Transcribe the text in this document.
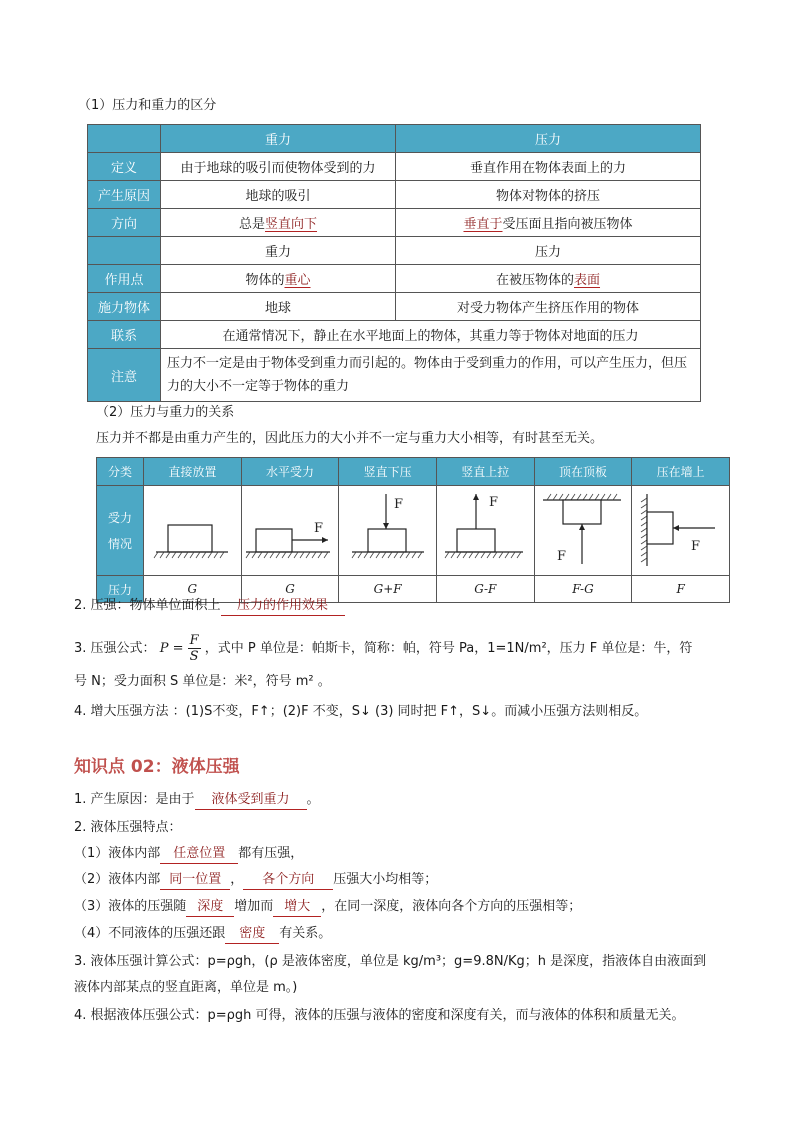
（1）压力和重力的区分
	重力	压力
定义	由于地球的吸引而使物体受到的力	垂直作用在物体表面上的力
产生原因	地球的吸引	物体对物体的挤压
方向	总是竖直向下	垂直于受压面且指向被压物体
	重力	压力
作用点	物体的重心	在被压物体的表面
施力物体	地球	对受力物体产生挤压作用的物体
联系	在通常情况下，静止在水平地面上的物体，其重力等于物体对地面的压力	
注意	压力不一定是由于物体受到重力而引起的。物体由于受到重力的作用，可以产生压力，但压力的大小不一定等于物体的重力	
（2）压力与重力的关系
压力并不都是由重力产生的，因此压力的大小并不一定与重力大小相等，有时甚至无关。
分类	直接放置	水平受力	竖直下压	竖直上拉	顶在顶板	压在墙上
受力
情况		F	F	F	F	F

压力	G	G	G+F	G-F	F-G	F
2. 压强：物体单位面积上 压力的作用效果
3. 压强公式： $P = \frac{F}{S}$ ，式中 P 单位是：帕斯卡，简称：帕，符号 Pa，1=1N/m²，压力 F 单位是：牛，符
号 N；受力面积 S 单位是：米²，符号 m² 。
4. 增大压强方法 ：(1)S不变，F↑；(2)F 不变，S↓ (3) 同时把 F↑，S↓。而减小压强方法则相反。
知识点 02：液体压强
1. 产生原因：是由于 液体受到重力 。
2. 液体压强特点：
（1）液体内部 任意位置 都有压强，
（2）液体内部 同一位置 ， 各个方向 压强大小均相等；
（3）液体的压强随 深度 增加而 增大 ，在同一深度，液体向各个方向的压强相等；
（4）不同液体的压强还跟 密度 有关系。
3. 液体压强计算公式：p=ρgh，(ρ 是液体密度，单位是 kg/m³；g=9.8N/Kg；h 是深度，指液体自由液面到
液体内部某点的竖直距离，单位是 m。)
4. 根据液体压强公式：p=ρgh 可得，液体的压强与液体的密度和深度有关，而与液体的体积和质量无关。
